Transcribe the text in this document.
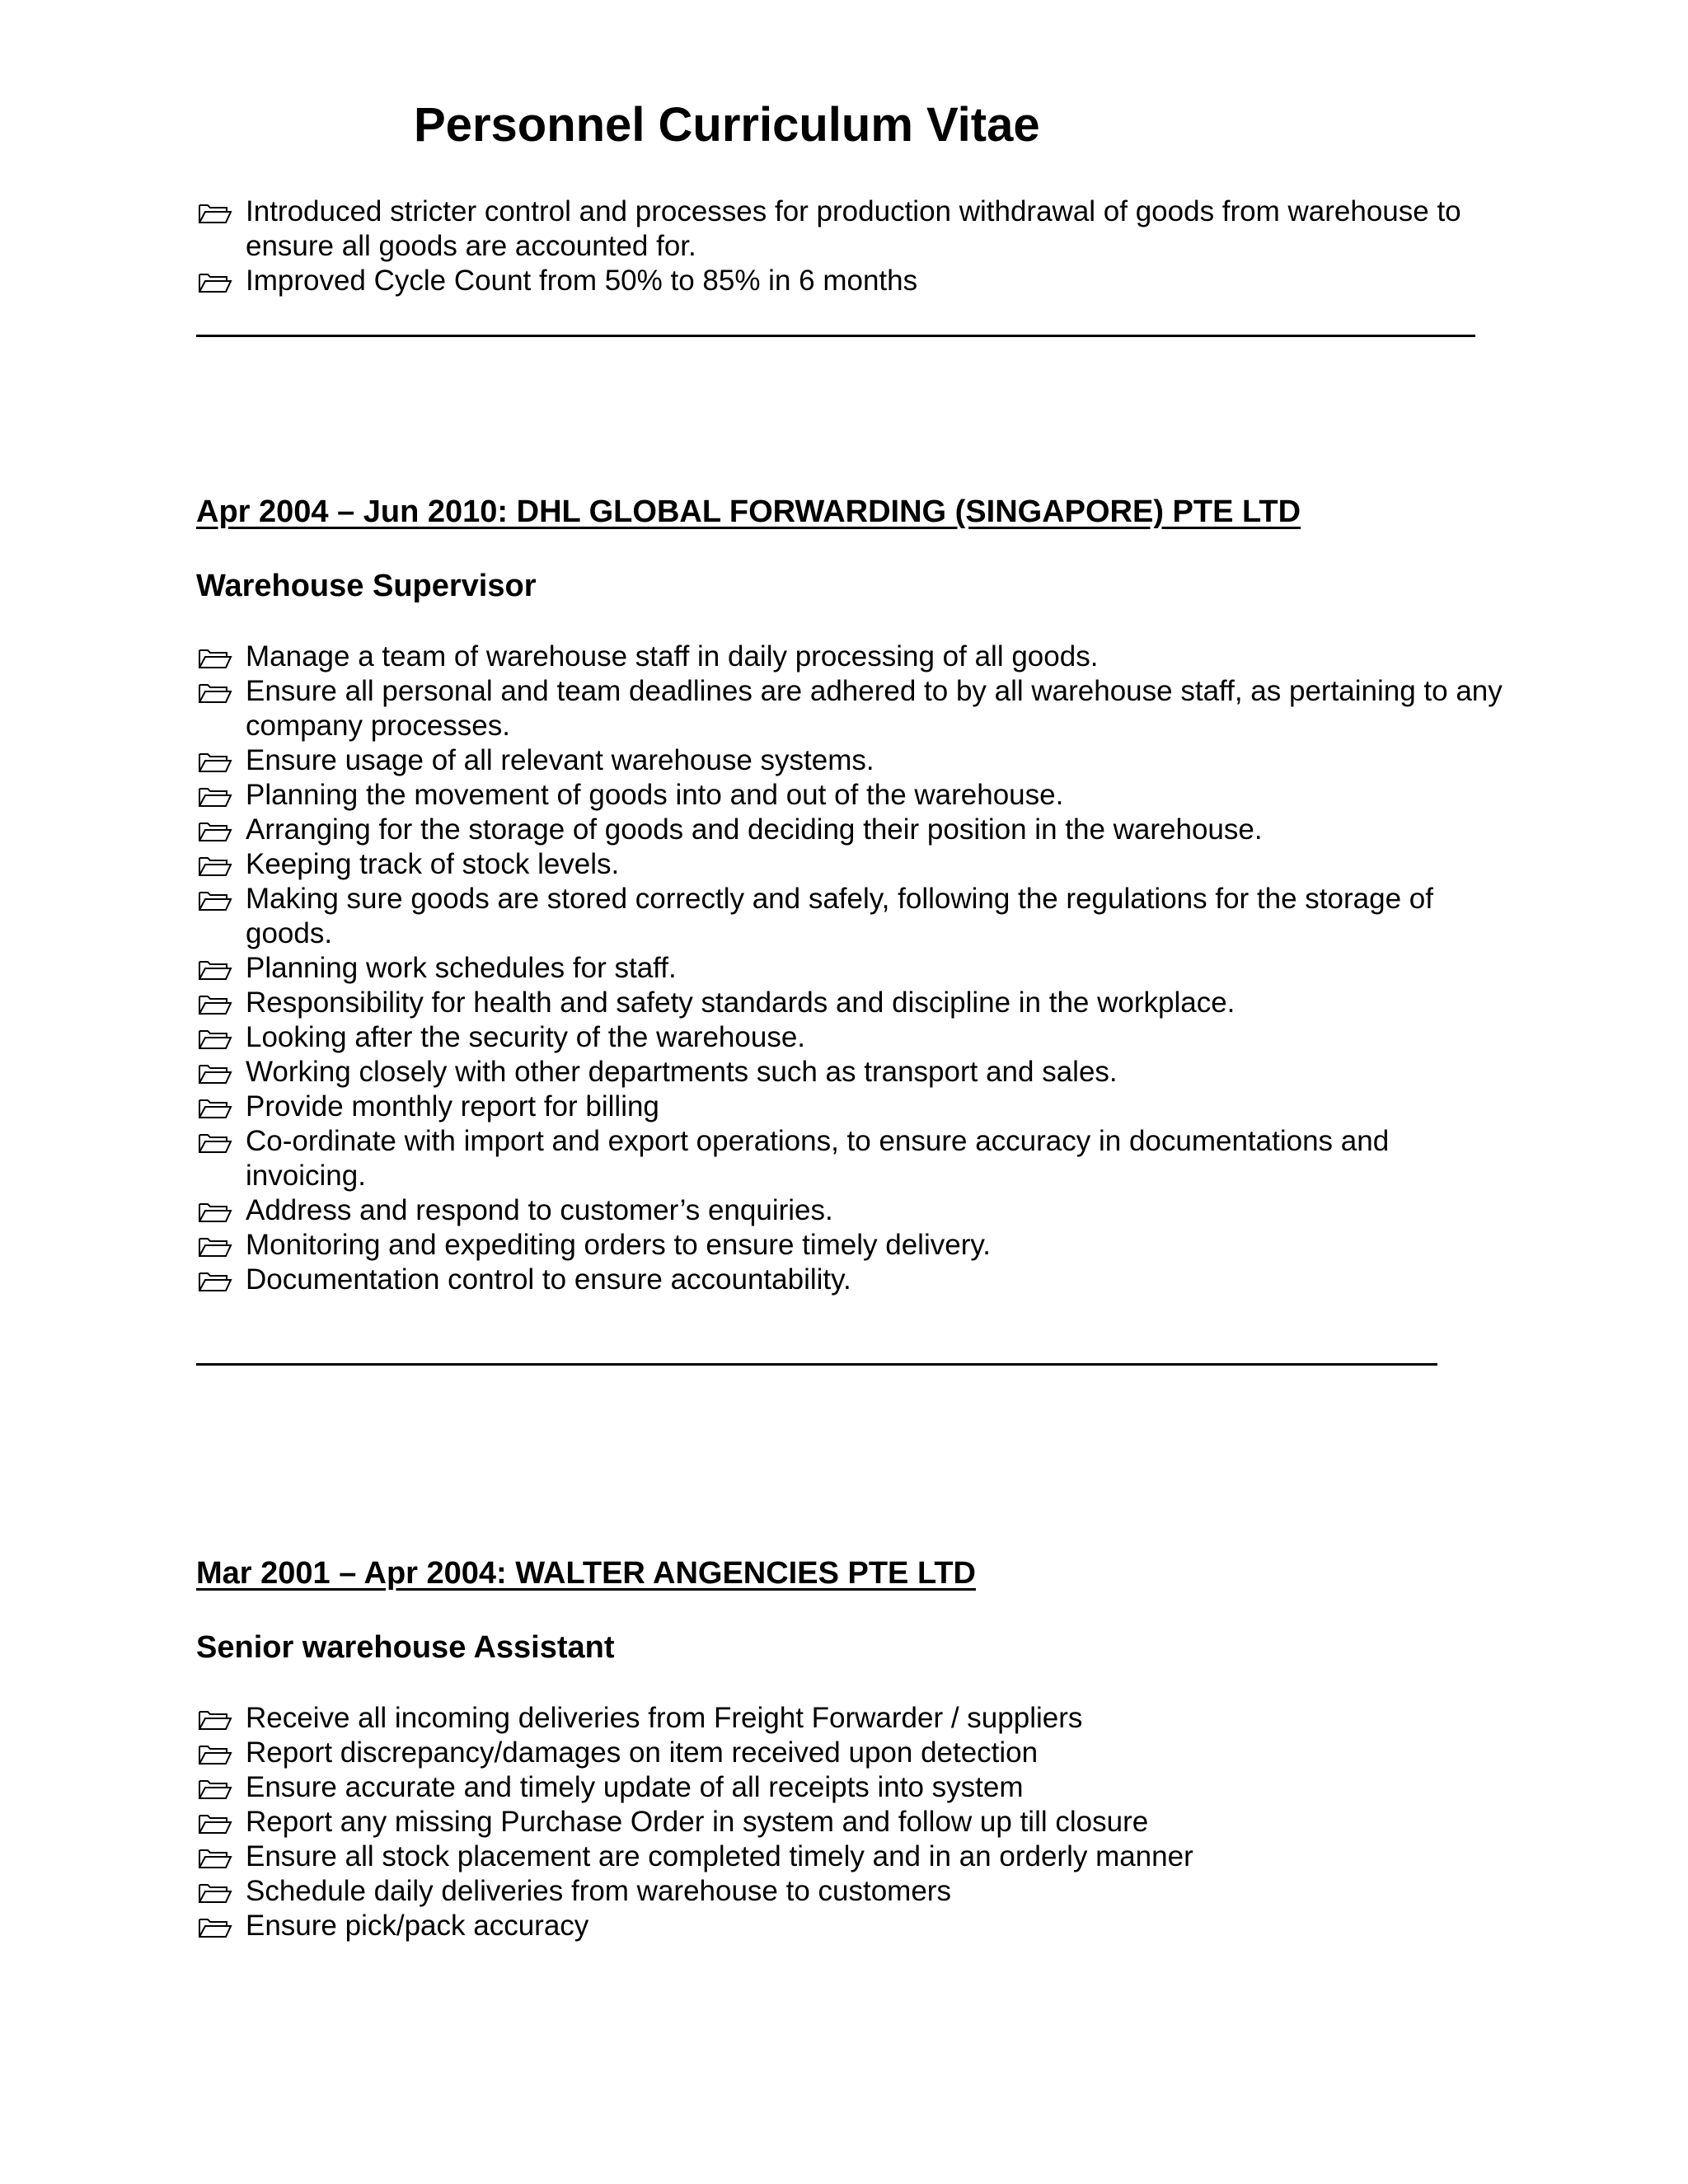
Personnel Curriculum Vitae
Introduced stricter control and processes for production withdrawal of goods from warehouse to ensure all goods are accounted for.
Improved Cycle Count from 50% to 85% in 6 months
Apr 2004 – Jun 2010: DHL GLOBAL FORWARDING (SINGAPORE) PTE LTD
Warehouse Supervisor
Manage a team of warehouse staff in daily processing of all goods.
Ensure all personal and team deadlines are adhered to by all warehouse staff, as pertaining to any company processes.
Ensure usage of all relevant warehouse systems.
Planning the movement of goods into and out of the warehouse.
Arranging for the storage of goods and deciding their position in the warehouse.
Keeping track of stock levels.
Making sure goods are stored correctly and safely, following the regulations for the storage of goods.
Planning work schedules for staff.
Responsibility for health and safety standards and discipline in the workplace.
Looking after the security of the warehouse.
Working closely with other departments such as transport and sales.
Provide monthly report for billing
Co-ordinate with import and export operations, to ensure accuracy in documentations and invoicing.
Address and respond to customer’s enquiries.
Monitoring and expediting orders to ensure timely delivery.
Documentation control to ensure accountability.
Mar 2001 – Apr 2004: WALTER ANGENCIES PTE LTD
Senior warehouse Assistant
Receive all incoming deliveries from Freight Forwarder / suppliers
Report discrepancy/damages on item received upon detection
Ensure accurate and timely update of all receipts into system
Report any missing Purchase Order in system and follow up till closure
Ensure all stock placement are completed timely and in an orderly manner
Schedule daily deliveries from warehouse to customers
Ensure pick/pack accuracy
